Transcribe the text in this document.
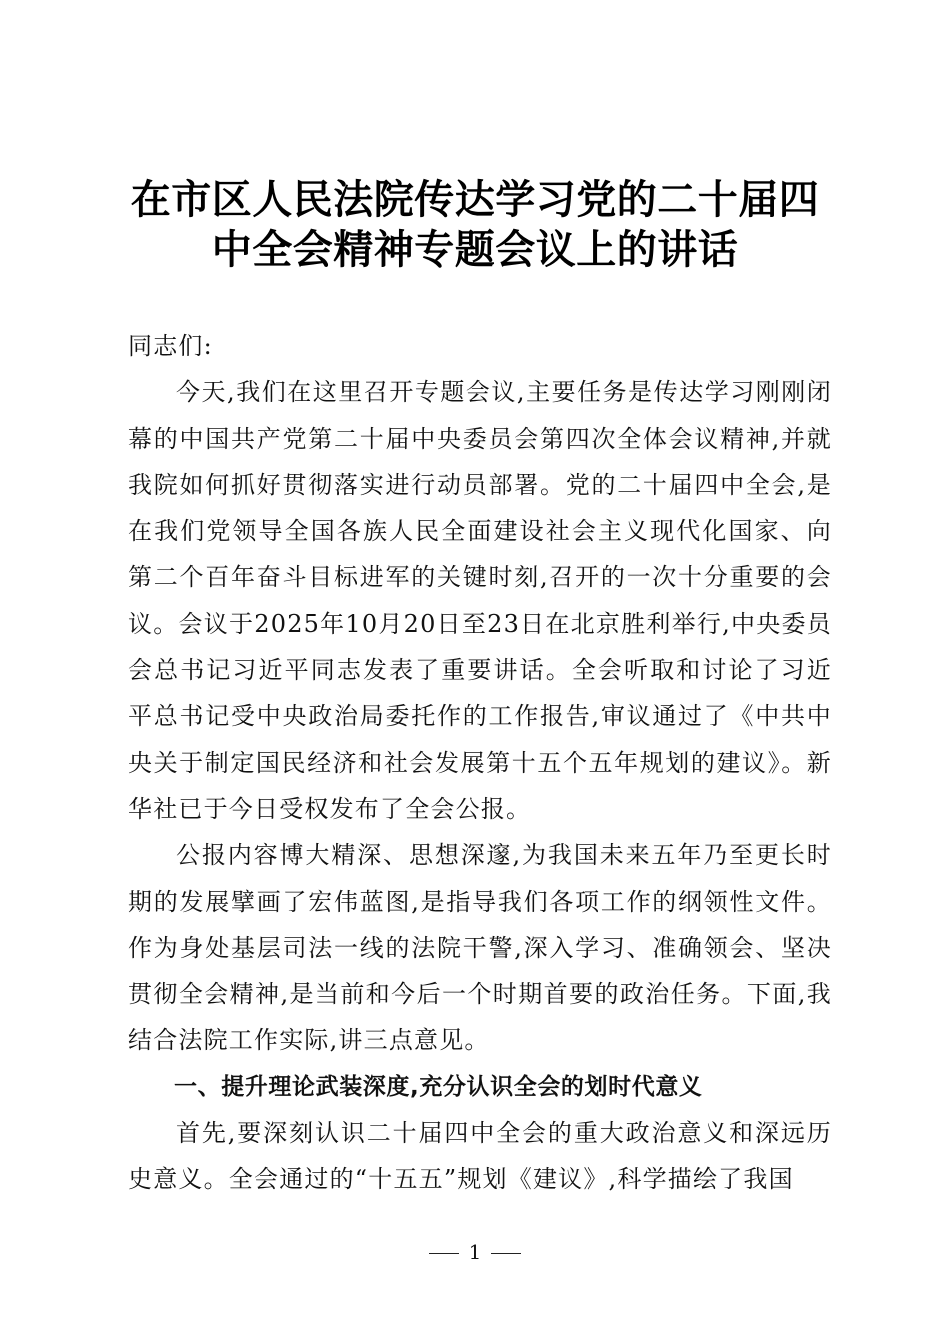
在市区人民法院传达学习党的二十届四
中全会精神专题会议上的讲话

同志们:

今天,我们在这里召开专题会议,主要任务是传达学习刚刚闭幕的中国共产党第二十届中央委员会第四次全体会议精神,并就我院如何抓好贯彻落实进行动员部署。党的二十届四中全会,是在我们党领导全国各族人民全面建设社会主义现代化国家、向第二个百年奋斗目标进军的关键时刻,召开的一次十分重要的会议。会议于2025年10月20日至23日在北京胜利举行,中央委员会总书记习近平同志发表了重要讲话。全会听取和讨论了习近平总书记受中央政治局委托作的工作报告,审议通过了《中共中央关于制定国民经济和社会发展第十五个五年规划的建议》。新华社已于今日受权发布了全会公报。

公报内容博大精深、思想深邃,为我国未来五年乃至更长时期的发展擘画了宏伟蓝图,是指导我们各项工作的纲领性文件。作为身处基层司法一线的法院干警,深入学习、准确领会、坚决贯彻全会精神,是当前和今后一个时期首要的政治任务。下面,我结合法院工作实际,讲三点意见。

一、提升理论武装深度,充分认识全会的划时代意义

首先,要深刻认识二十届四中全会的重大政治意义和深远历史意义。全会通过的“十五五”规划《建议》,科学描绘了我国

1
